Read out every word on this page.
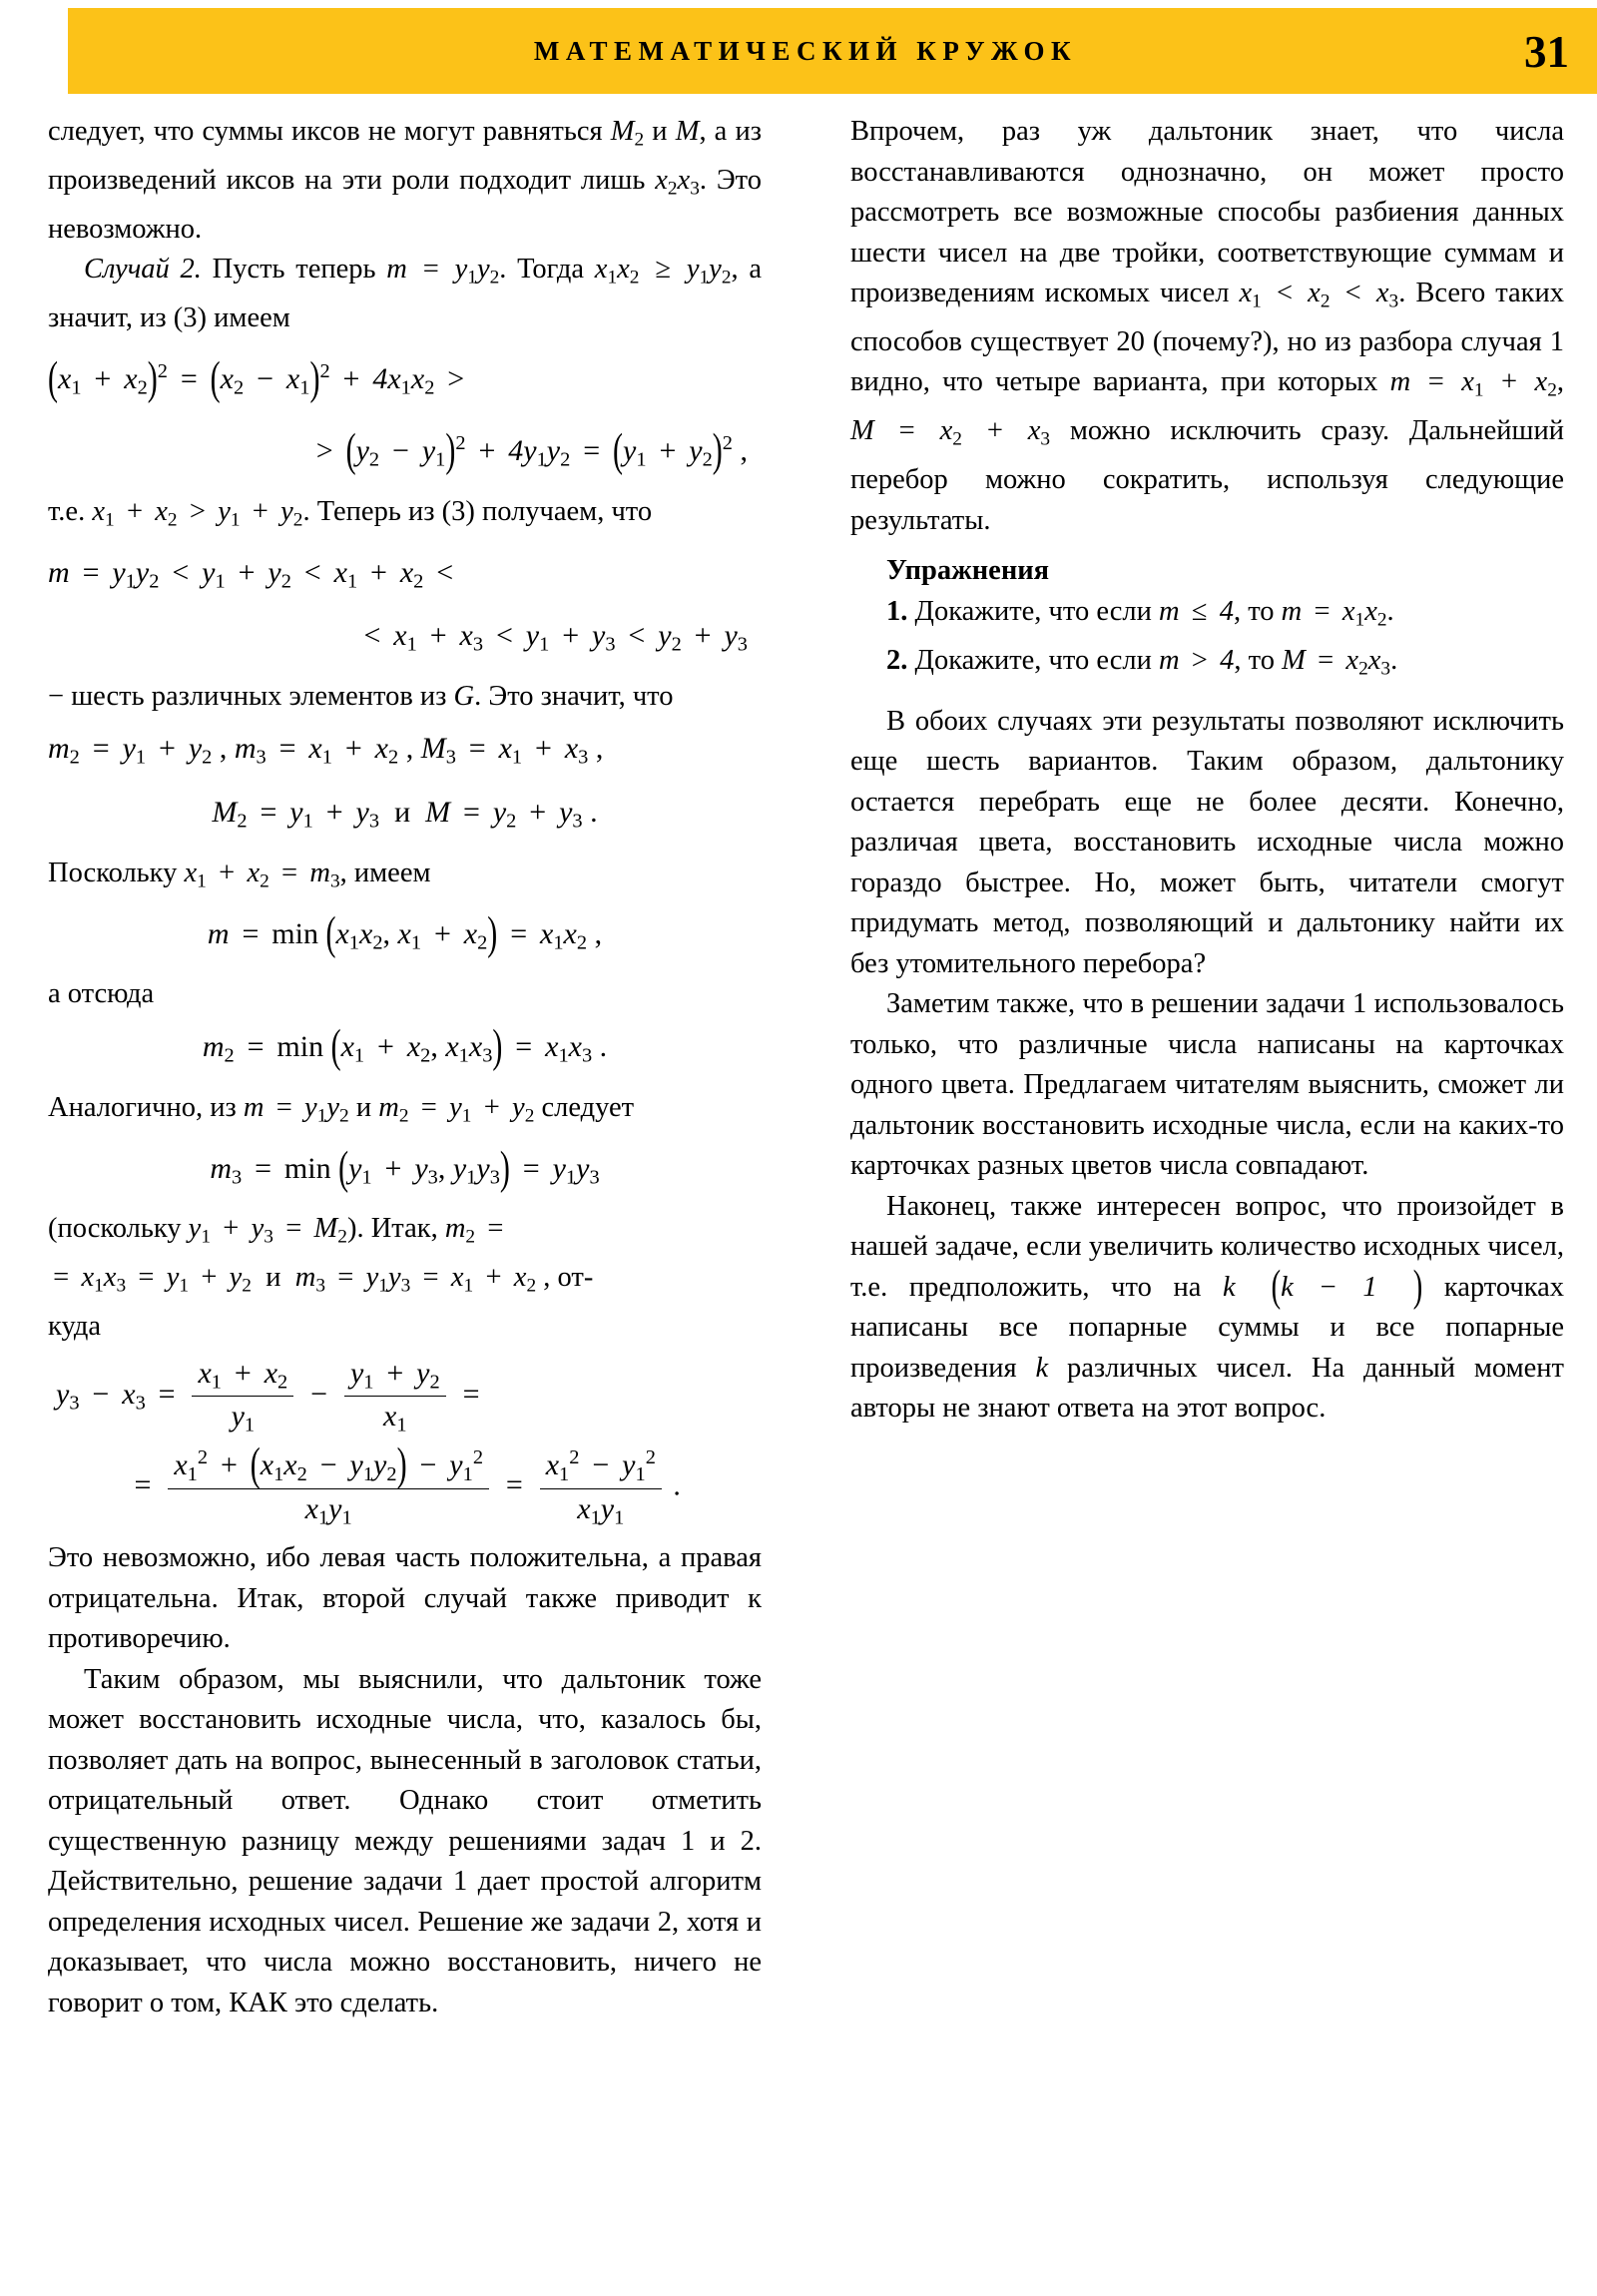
МАТЕМАТИЧЕСКИЙ КРУЖОК	31

следует, что суммы иксов не могут равняться $M_2$ и M, а из произведений иксов на эти роли подходит лишь $x_2x_3$. Это невозможно.

Случай 2. Пусть теперь $m = y_1y_2$. Тогда $x_1x_2 \ge y_1y_2$, а значит, из (3) имеем

$(x_1 + x_2)^2 = (x_2 - x_1)^2 + 4x_1x_2$ >
> $(y_2 - y_1)^2 + 4y_1y_2 = (y_1 + y_2)^2$ ,

т.е. $x_1 + x_2 > y_1 + y_2$. Теперь из (3) получаем, что

$m = y_1y_2 < y_1 + y_2 < x_1 + x_2$ <
< $x_1 + x_3 < y_1 + y_3 < y_2 + y_3$

− шесть различных элементов из G. Это значит, что

$m_2 = y_1 + y_2$ , $m_3 = x_1 + x_2$ , $M_3 = x_1 + x_3$ ,
$M_2 = y_1 + y_3$ и  $M = y_2 + y_3$ .

Поскольку $x_1 + x_2 = m_3$, имеем

$m = \min (x_1x_2$, $x_1 + x_2) = x_1x_2$ ,

а отсюда

$m_2 = \min (x_1 + x_2$, $x_1x_3) = x_1x_3$ .

Аналогично, из $m = y_1y_2$ и $m_2 = y_1 + y_2$ следует

$m_3 = \min (y_1 + y_3$, $y_1y_3) = y_1y_3$

(поскольку $y_1 + y_3 = M_2$). Итак, $m_2$ =
= $x_1x_3 = y_1 + y_2$  и  $m_3 = y_1y_3 = x_1 + x_2$ , от-
куда

$y_3 - x_3 = \frac{x_1 + x_2}{y_1} - \frac{y_1 + y_2}{x_1}$ =
= $\frac{x_1^2 + (x_1x_2 - y_1y_2) - y_1^2}{x_1y_1} = \frac{x_1^2 - y_1^2}{x_1y_1}$ .

Это невозможно, ибо левая часть положительна, а правая отрицательна. Итак, второй случай также приводит к противоречию.

Таким образом, мы выяснили, что дальтоник тоже может восстановить исходные числа, что, казалось бы, позволяет дать на вопрос, вынесенный в заголовок статьи, отрицательный ответ. Однако стоит отметить существенную разницу между решениями задач 1 и 2. Действительно, решение задачи 1 дает простой алгоритм определения исходных чисел. Решение же задачи 2, хотя и доказывает, что числа можно восстановить, ничего не говорит о том, КАК это сделать.

Впрочем, раз уж дальтоник знает, что числа восстанавливаются однозначно, он может просто рассмотреть все возможные способы разбиения данных шести чисел на две тройки, соответствующие суммам и произведениям искомых чисел $x_1 < x_2 < x_3$. Всего таких способов существует 20 (почему?), но из разбора случая 1 видно, что четыре варианта, при которых $m = x_1 + x_2$, $M = x_2 + x_3$ можно исключить сразу. Дальнейший перебор можно сократить, используя следующие результаты.

Упражнения

1. Докажите, что если m ≤ 4, то $m = x_1x_2$.

2. Докажите, что если m > 4, то $M = x_2x_3$.

В обоих случаях эти результаты позволяют исключить еще шесть вариантов. Таким образом, дальтонику остается перебрать еще не более десяти. Конечно, различая цвета, восстановить исходные числа можно гораздо быстрее. Но, может быть, читатели смогут придумать метод, позволяющий и дальтонику найти их без утомительного перебора?

Заметим также, что в решении задачи 1 использовалось только, что различные числа написаны на карточках одного цвета. Предлагаем читателям выяснить, сможет ли дальтоник восстановить исходные числа, если на каких-то карточках разных цветов числа совпадают.

Наконец, также интересен вопрос, что произойдет в нашей задаче, если увеличить количество исходных чисел, т.е. предположить, что на k (k − 1 ) карточках написаны все попарные суммы и все попарные произведения k различных чисел. На данный момент авторы не знают ответа на этот вопрос.
